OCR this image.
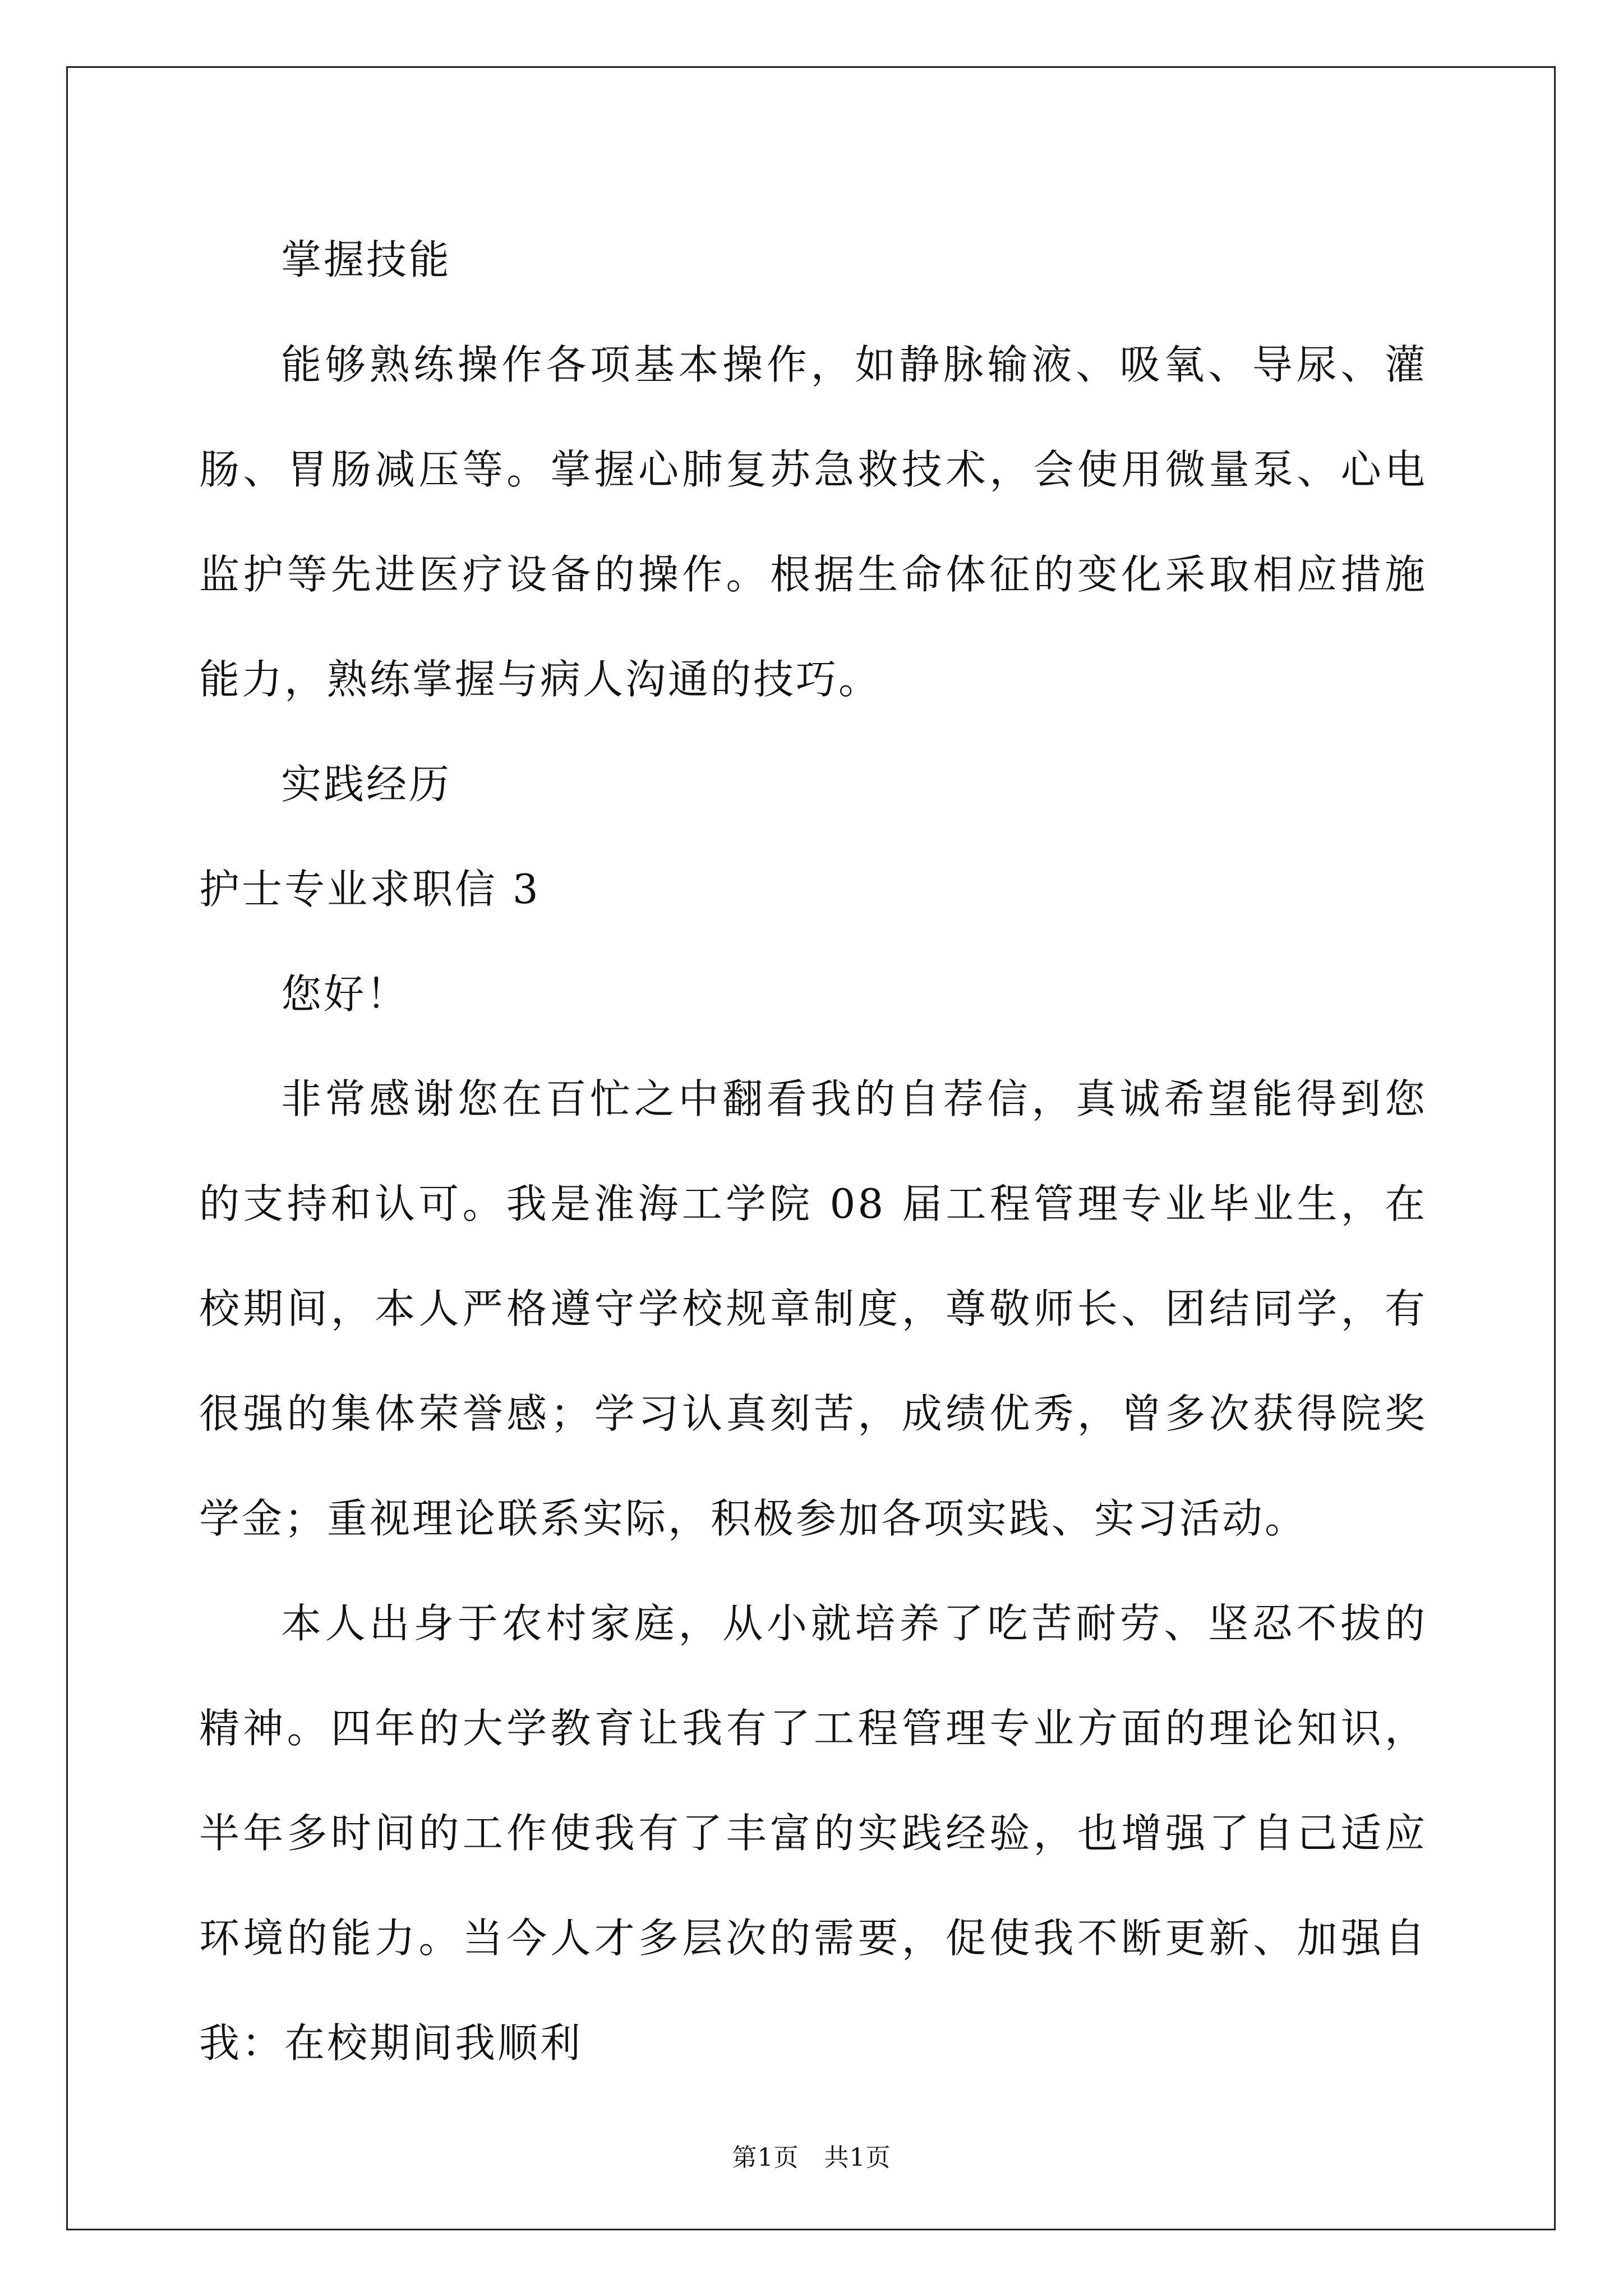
掌握技能

能够熟练操作各项基本操作，如静脉输液、吸氧、导尿、灌肠、胃肠减压等。掌握心肺复苏急救技术，会使用微量泵、心电监护等先进医疗设备的操作。根据生命体征的变化采取相应措施能力，熟练掌握与病人沟通的技巧。

实践经历

护士专业求职信 3

您好！

非常感谢您在百忙之中翻看我的自荐信，真诚希望能得到您的支持和认可。我是淮海工学院 08 届工程管理专业毕业生，在校期间，本人严格遵守学校规章制度，尊敬师长、团结同学，有很强的集体荣誉感；学习认真刻苦，成绩优秀，曾多次获得院奖学金；重视理论联系实际，积极参加各项实践、实习活动。

本人出身于农村家庭，从小就培养了吃苦耐劳、坚忍不拔的精神。四年的大学教育让我有了工程管理专业方面的理论知识，半年多时间的工作使我有了丰富的实践经验，也增强了自己适应环境的能力。当今人才多层次的需要，促使我不断更新、加强自我：在校期间我顺利

第1页   共1页
